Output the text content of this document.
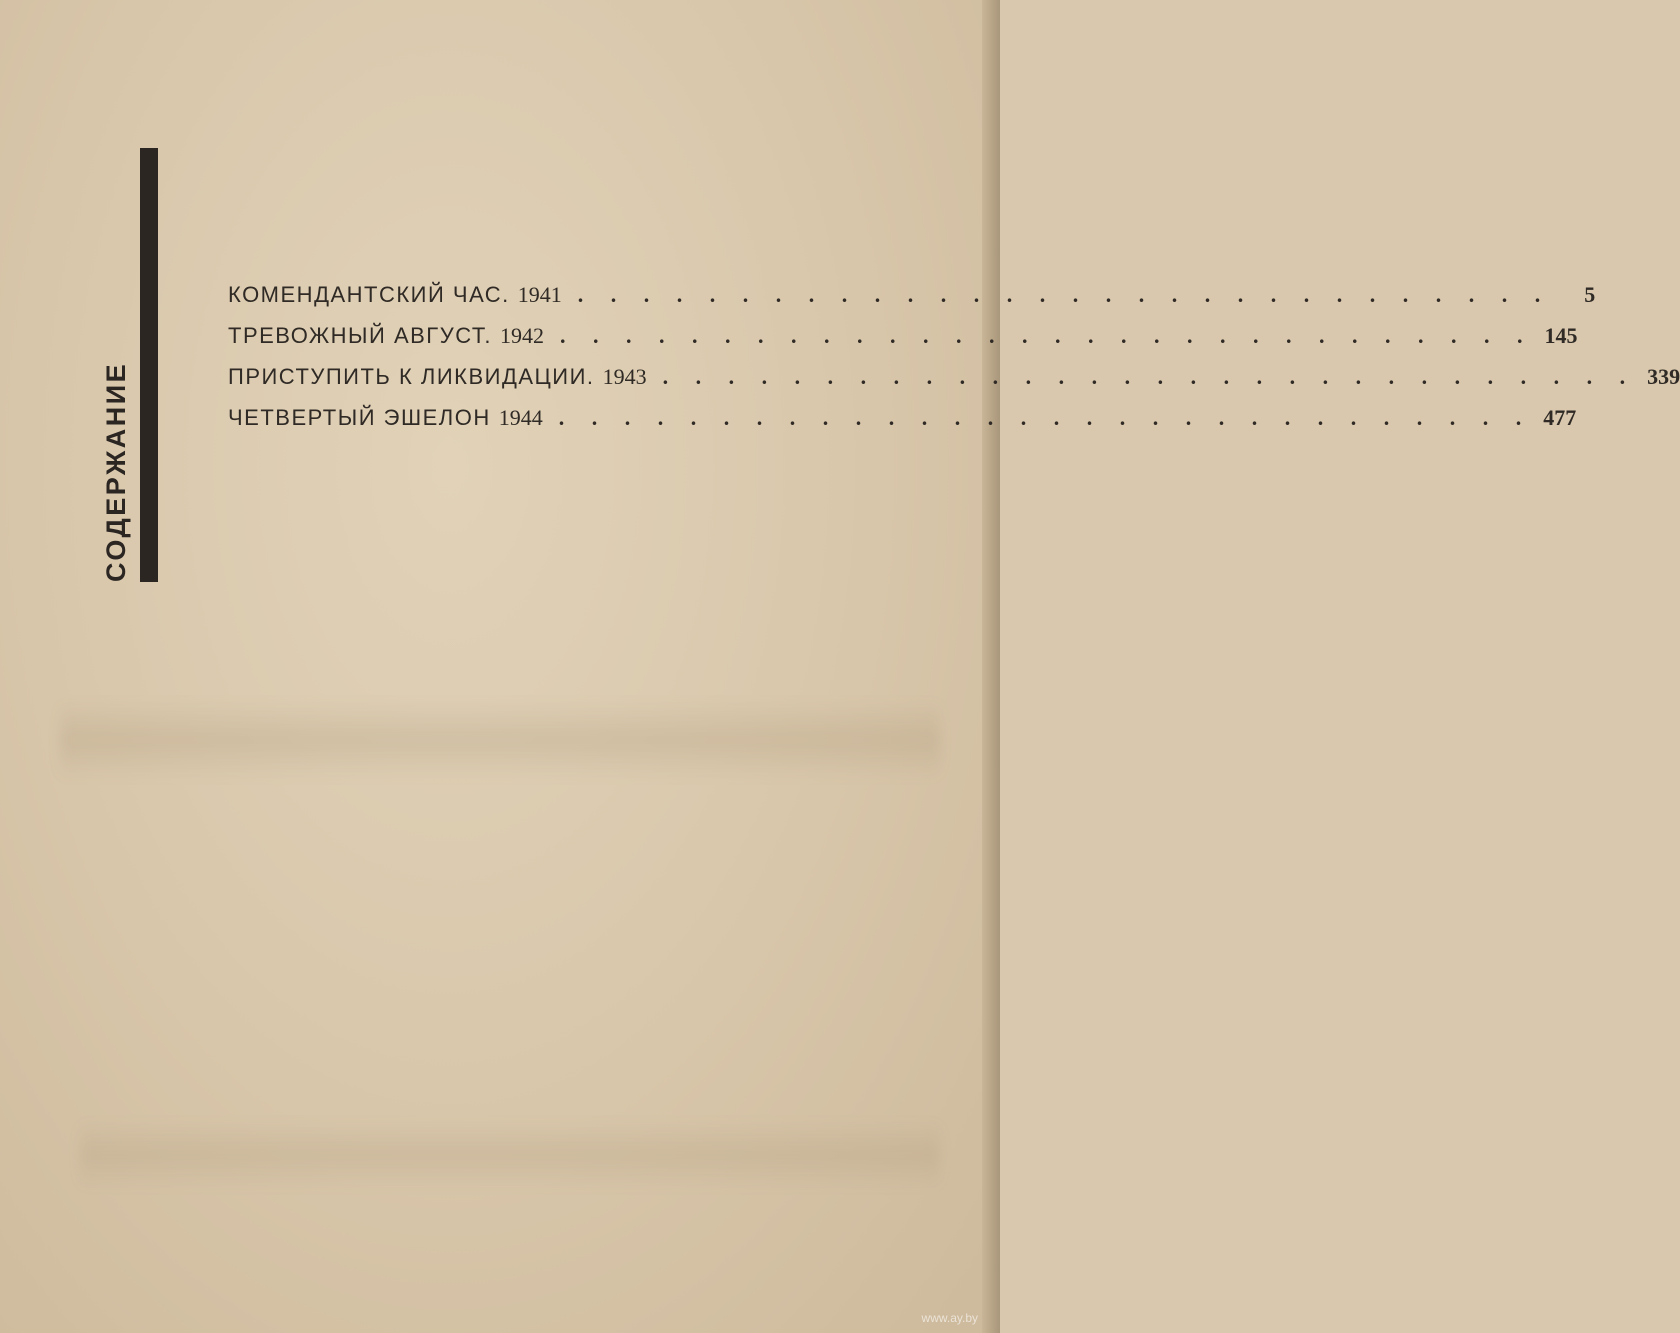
СОДЕРЖАНИЕ
КОМЕНДАНТСКИЙ ЧАС. 1941 . . . . . . . . . . . . . . . . . . . . . . . . . . . . . .	5
ТРЕВОЖНЫЙ АВГУСТ. 1942 . . . . . . . . . . . . . . . . . . . . . . . . . . . . . . 145
ПРИСТУПИТЬ К ЛИКВИДАЦИИ. 1943 . . . . . . . . . . . . . . . . . . . . . . . . . . . . . . 339
ЧЕТВЕРТЫЙ ЭШЕЛОН 1944 . . . . . . . . . . . . . . . . . . . . . . . . . . . . . . 477
www.ay.by
